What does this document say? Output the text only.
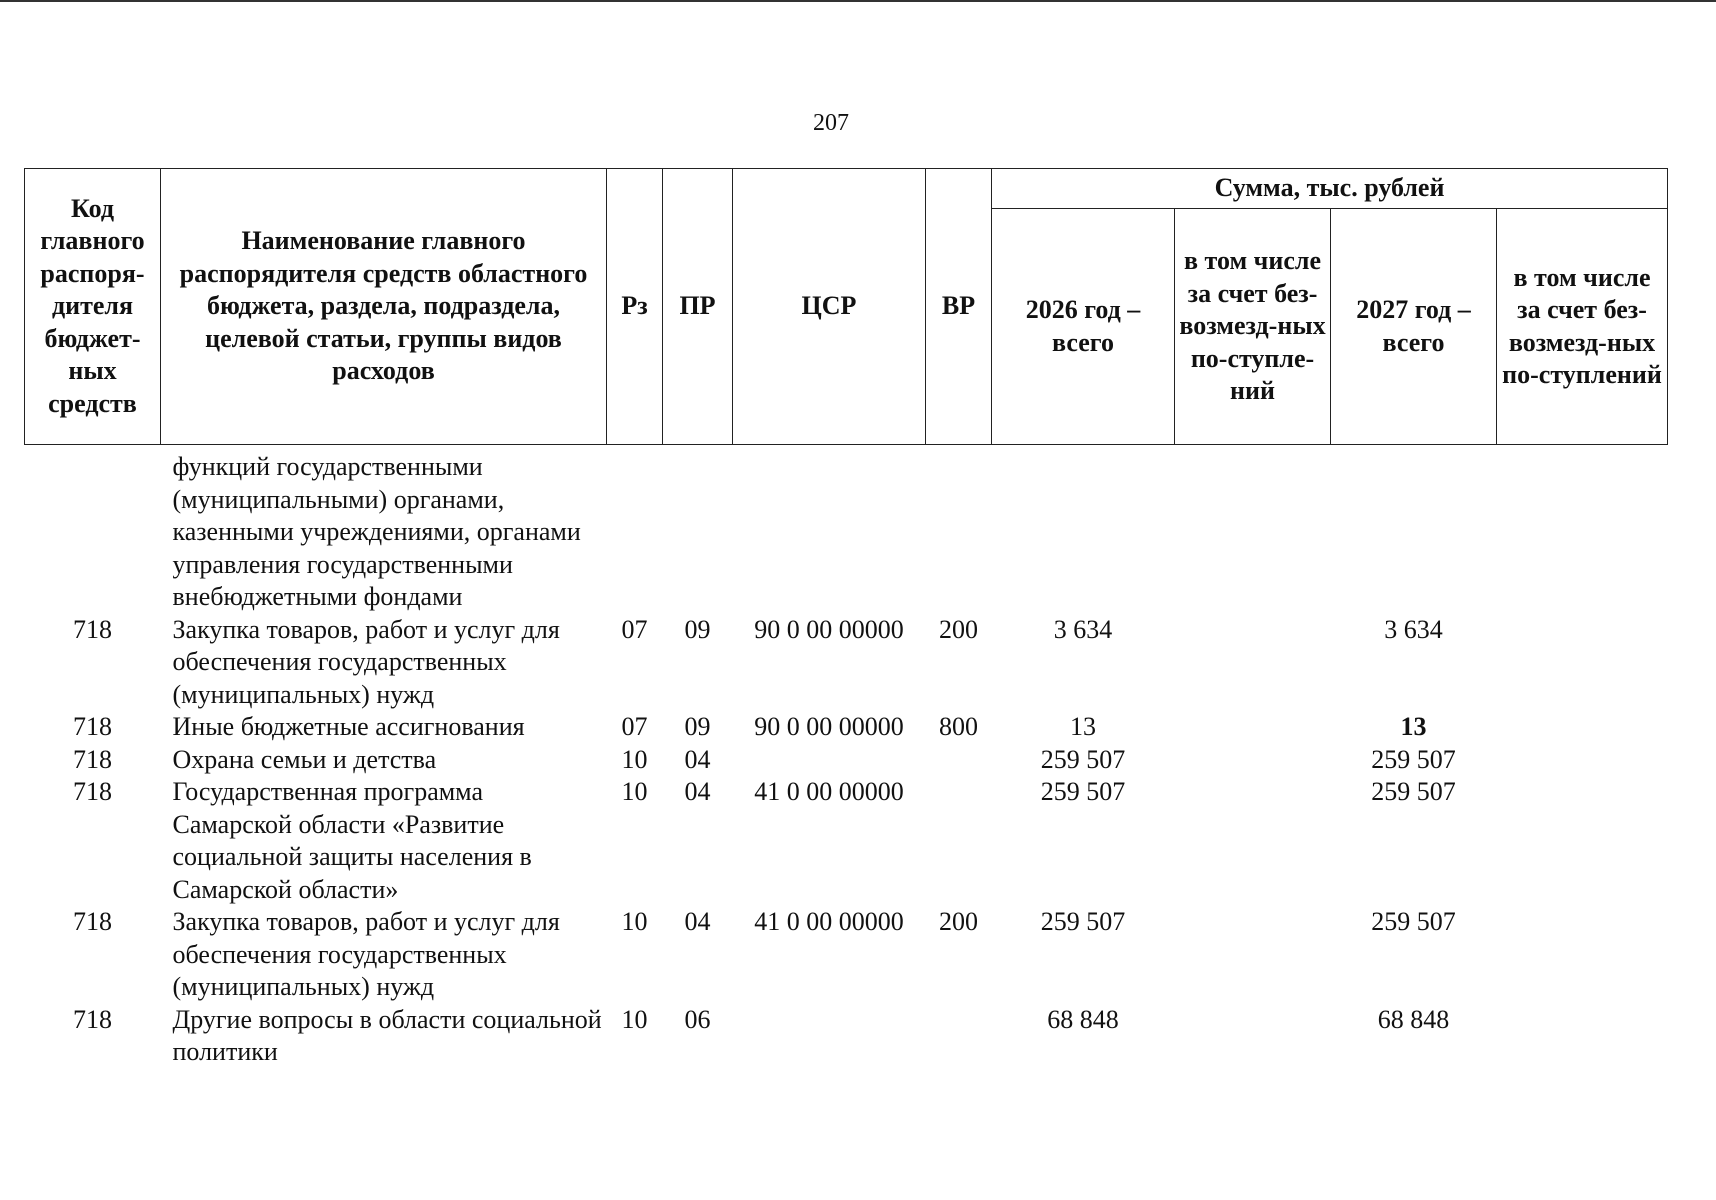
207
Код главного распоря-дителя бюджет-ных средств	Наименование главного распорядителя средств областного бюджета, раздела, подраздела, целевой статьи, группы видов расходов	Рз	ПР	ЦСР	ВР	Сумма, тыс. рублей			
						2026 год – всего	в том числе за счет без-возмезд-ных по-ступле-ний	2027 год – всего	в том числе за счет без-возмезд-ных по-ступлений
	функций государственными (муниципальными) органами, казенными учреждениями, органами управления государственными внебюджетными фондами								
718	Закупка товаров, работ и услуг для обеспечения государственных (муниципальных) нужд	07	09	90 0 00 00000	200	3 634		3 634	
718	Иные бюджетные ассигнования	07	09	90 0 00 00000	800	13		13	
718	Охрана семьи и детства	10	04			259 507		259 507	
718	Государственная программа Самарской области «Развитие социальной защиты населения в Самарской области»	10	04	41 0 00 00000		259 507		259 507	
718	Закупка товаров, работ и услуг для обеспечения государственных (муниципальных) нужд	10	04	41 0 00 00000	200	259 507		259 507	
718	Другие вопросы в области социальной политики	10	06			68 848		68 848	
